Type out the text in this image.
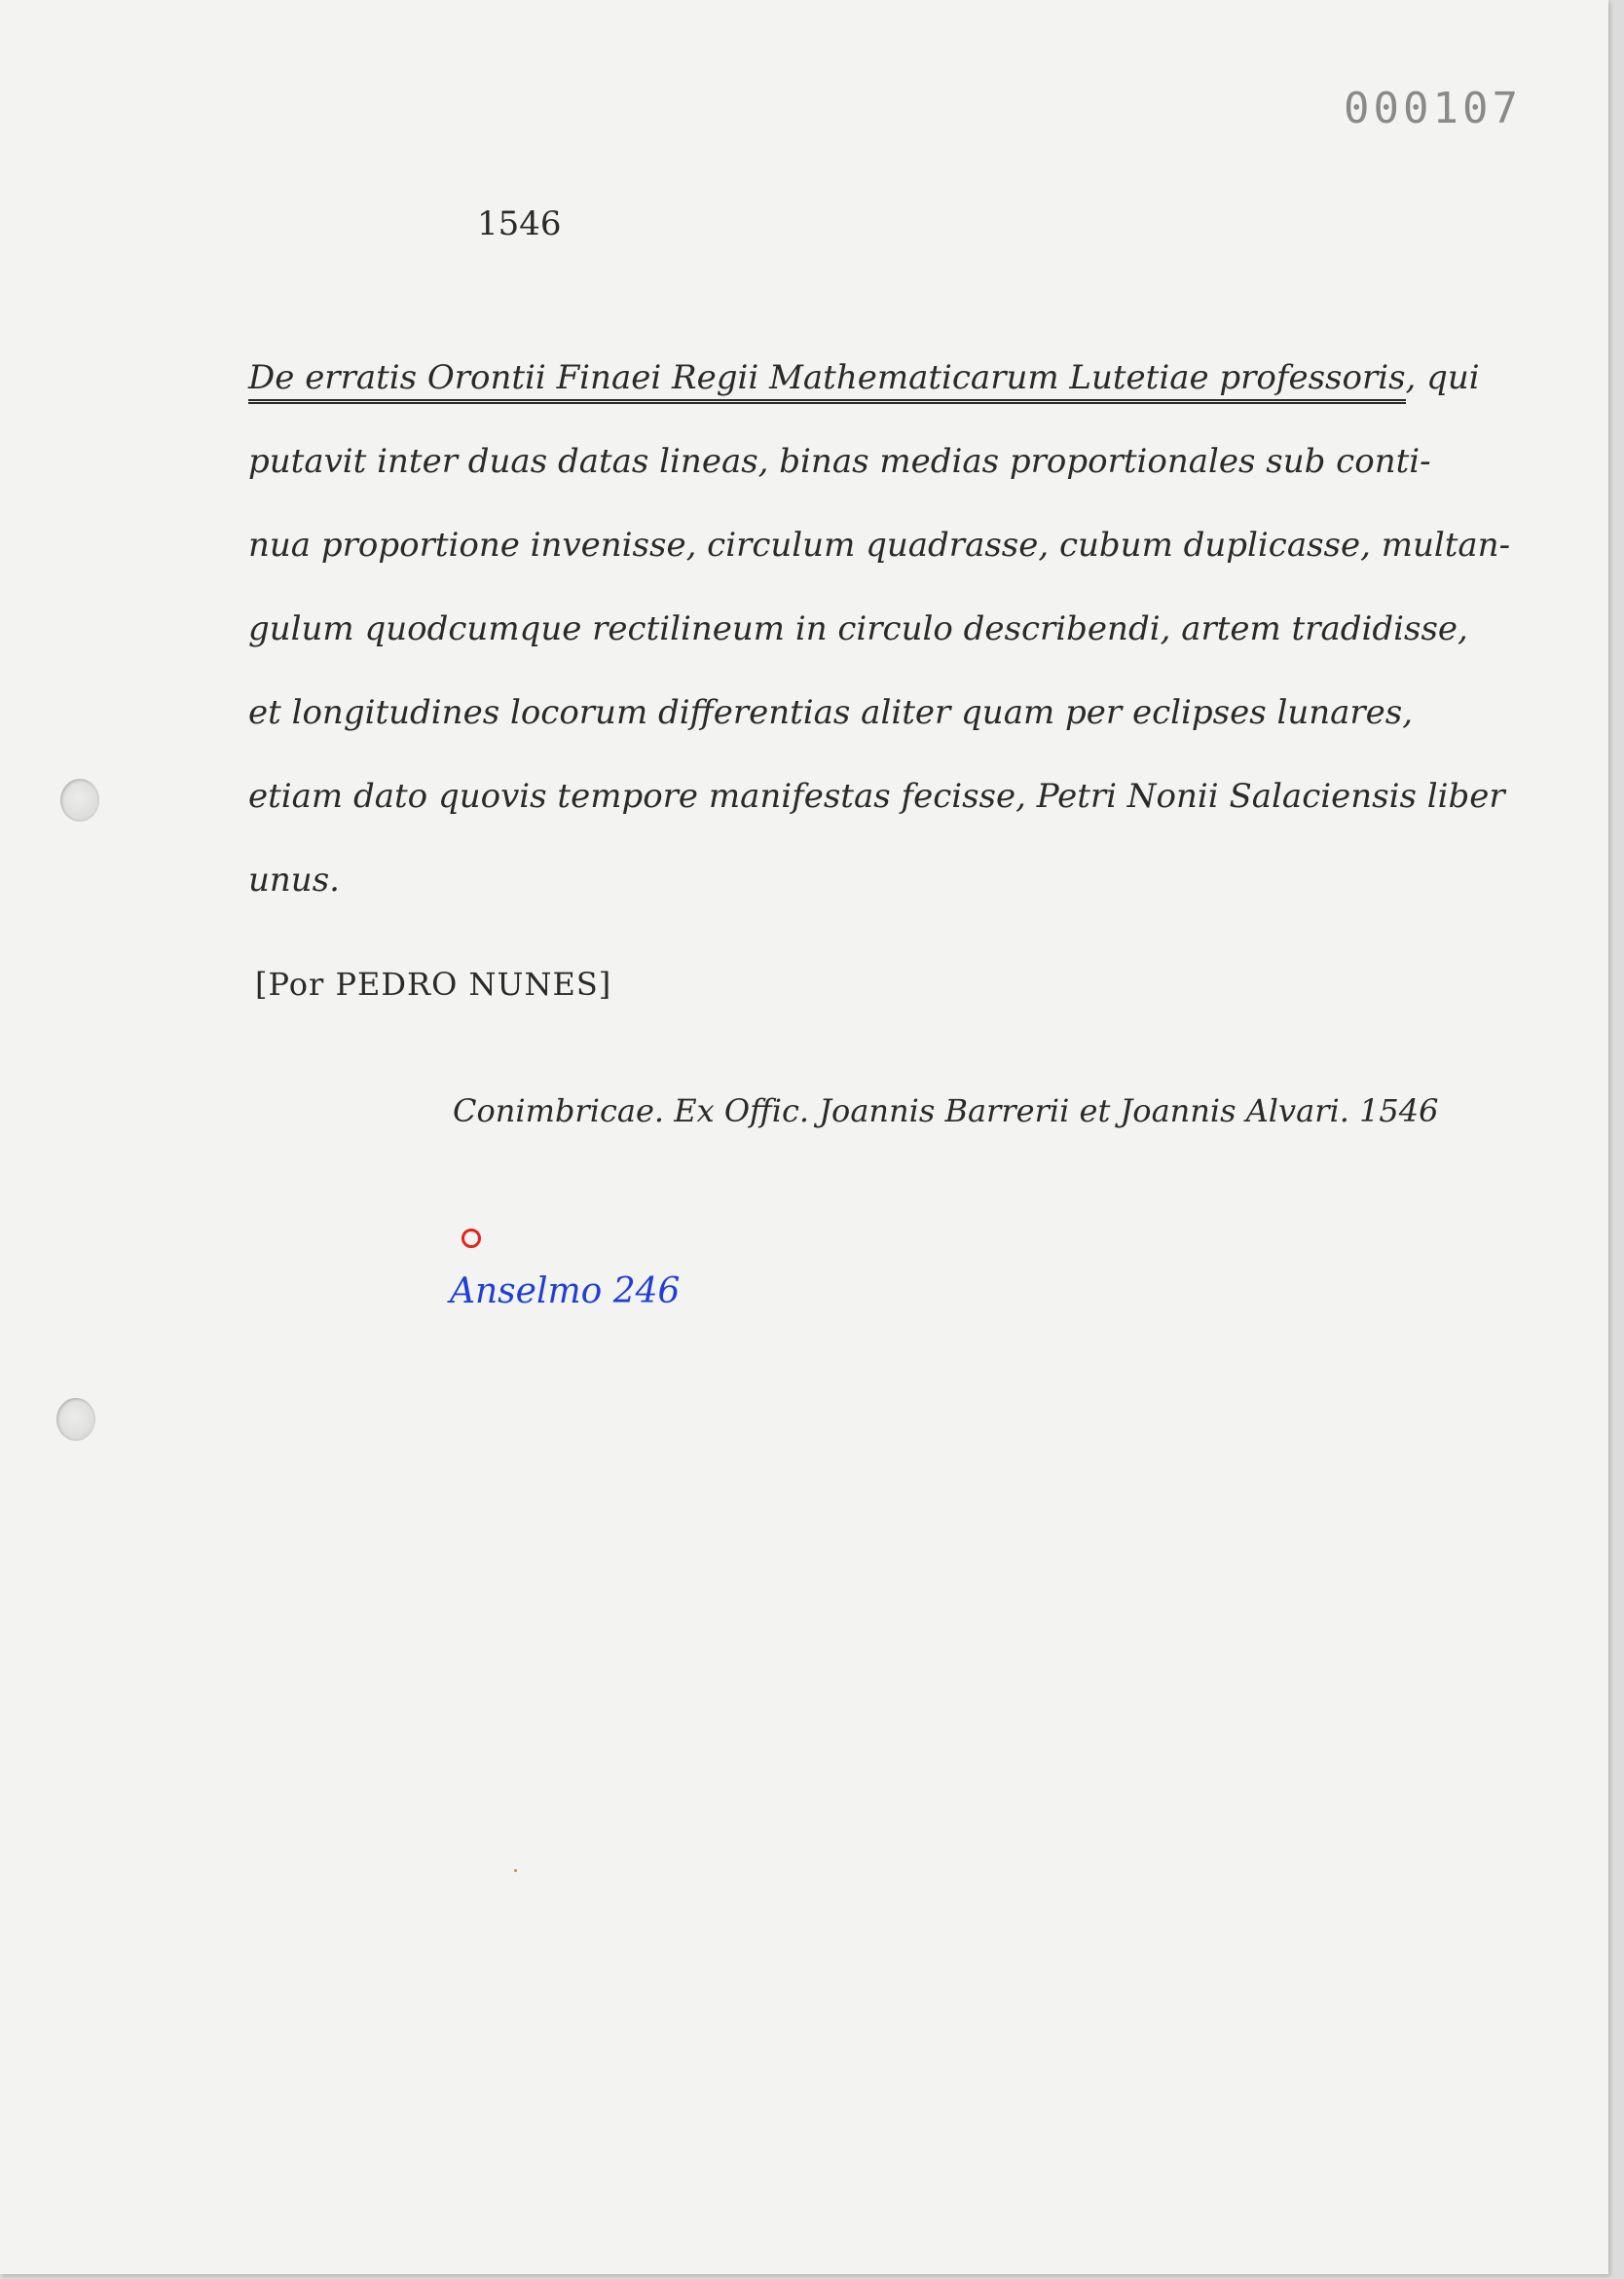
000107
1546
De erratis Orontii Finaei Regii Mathematicarum Lutetiae professoris, qui
putavit inter duas datas lineas, binas medias proportionales sub conti-
nua proportione invenisse, circulum quadrasse, cubum duplicasse, multan-
gulum quodcumque rectilineum in circulo describendi, artem tradidisse,
et longitudines locorum differentias aliter quam per eclipses lunares,
etiam dato quovis tempore manifestas fecisse, Petri Nonii Salaciensis liber
unus.
[Por PEDRO NUNES]
Conimbricae. Ex Offic. Joannis Barrerii et Joannis Alvari. 1546
Anselmo 246
